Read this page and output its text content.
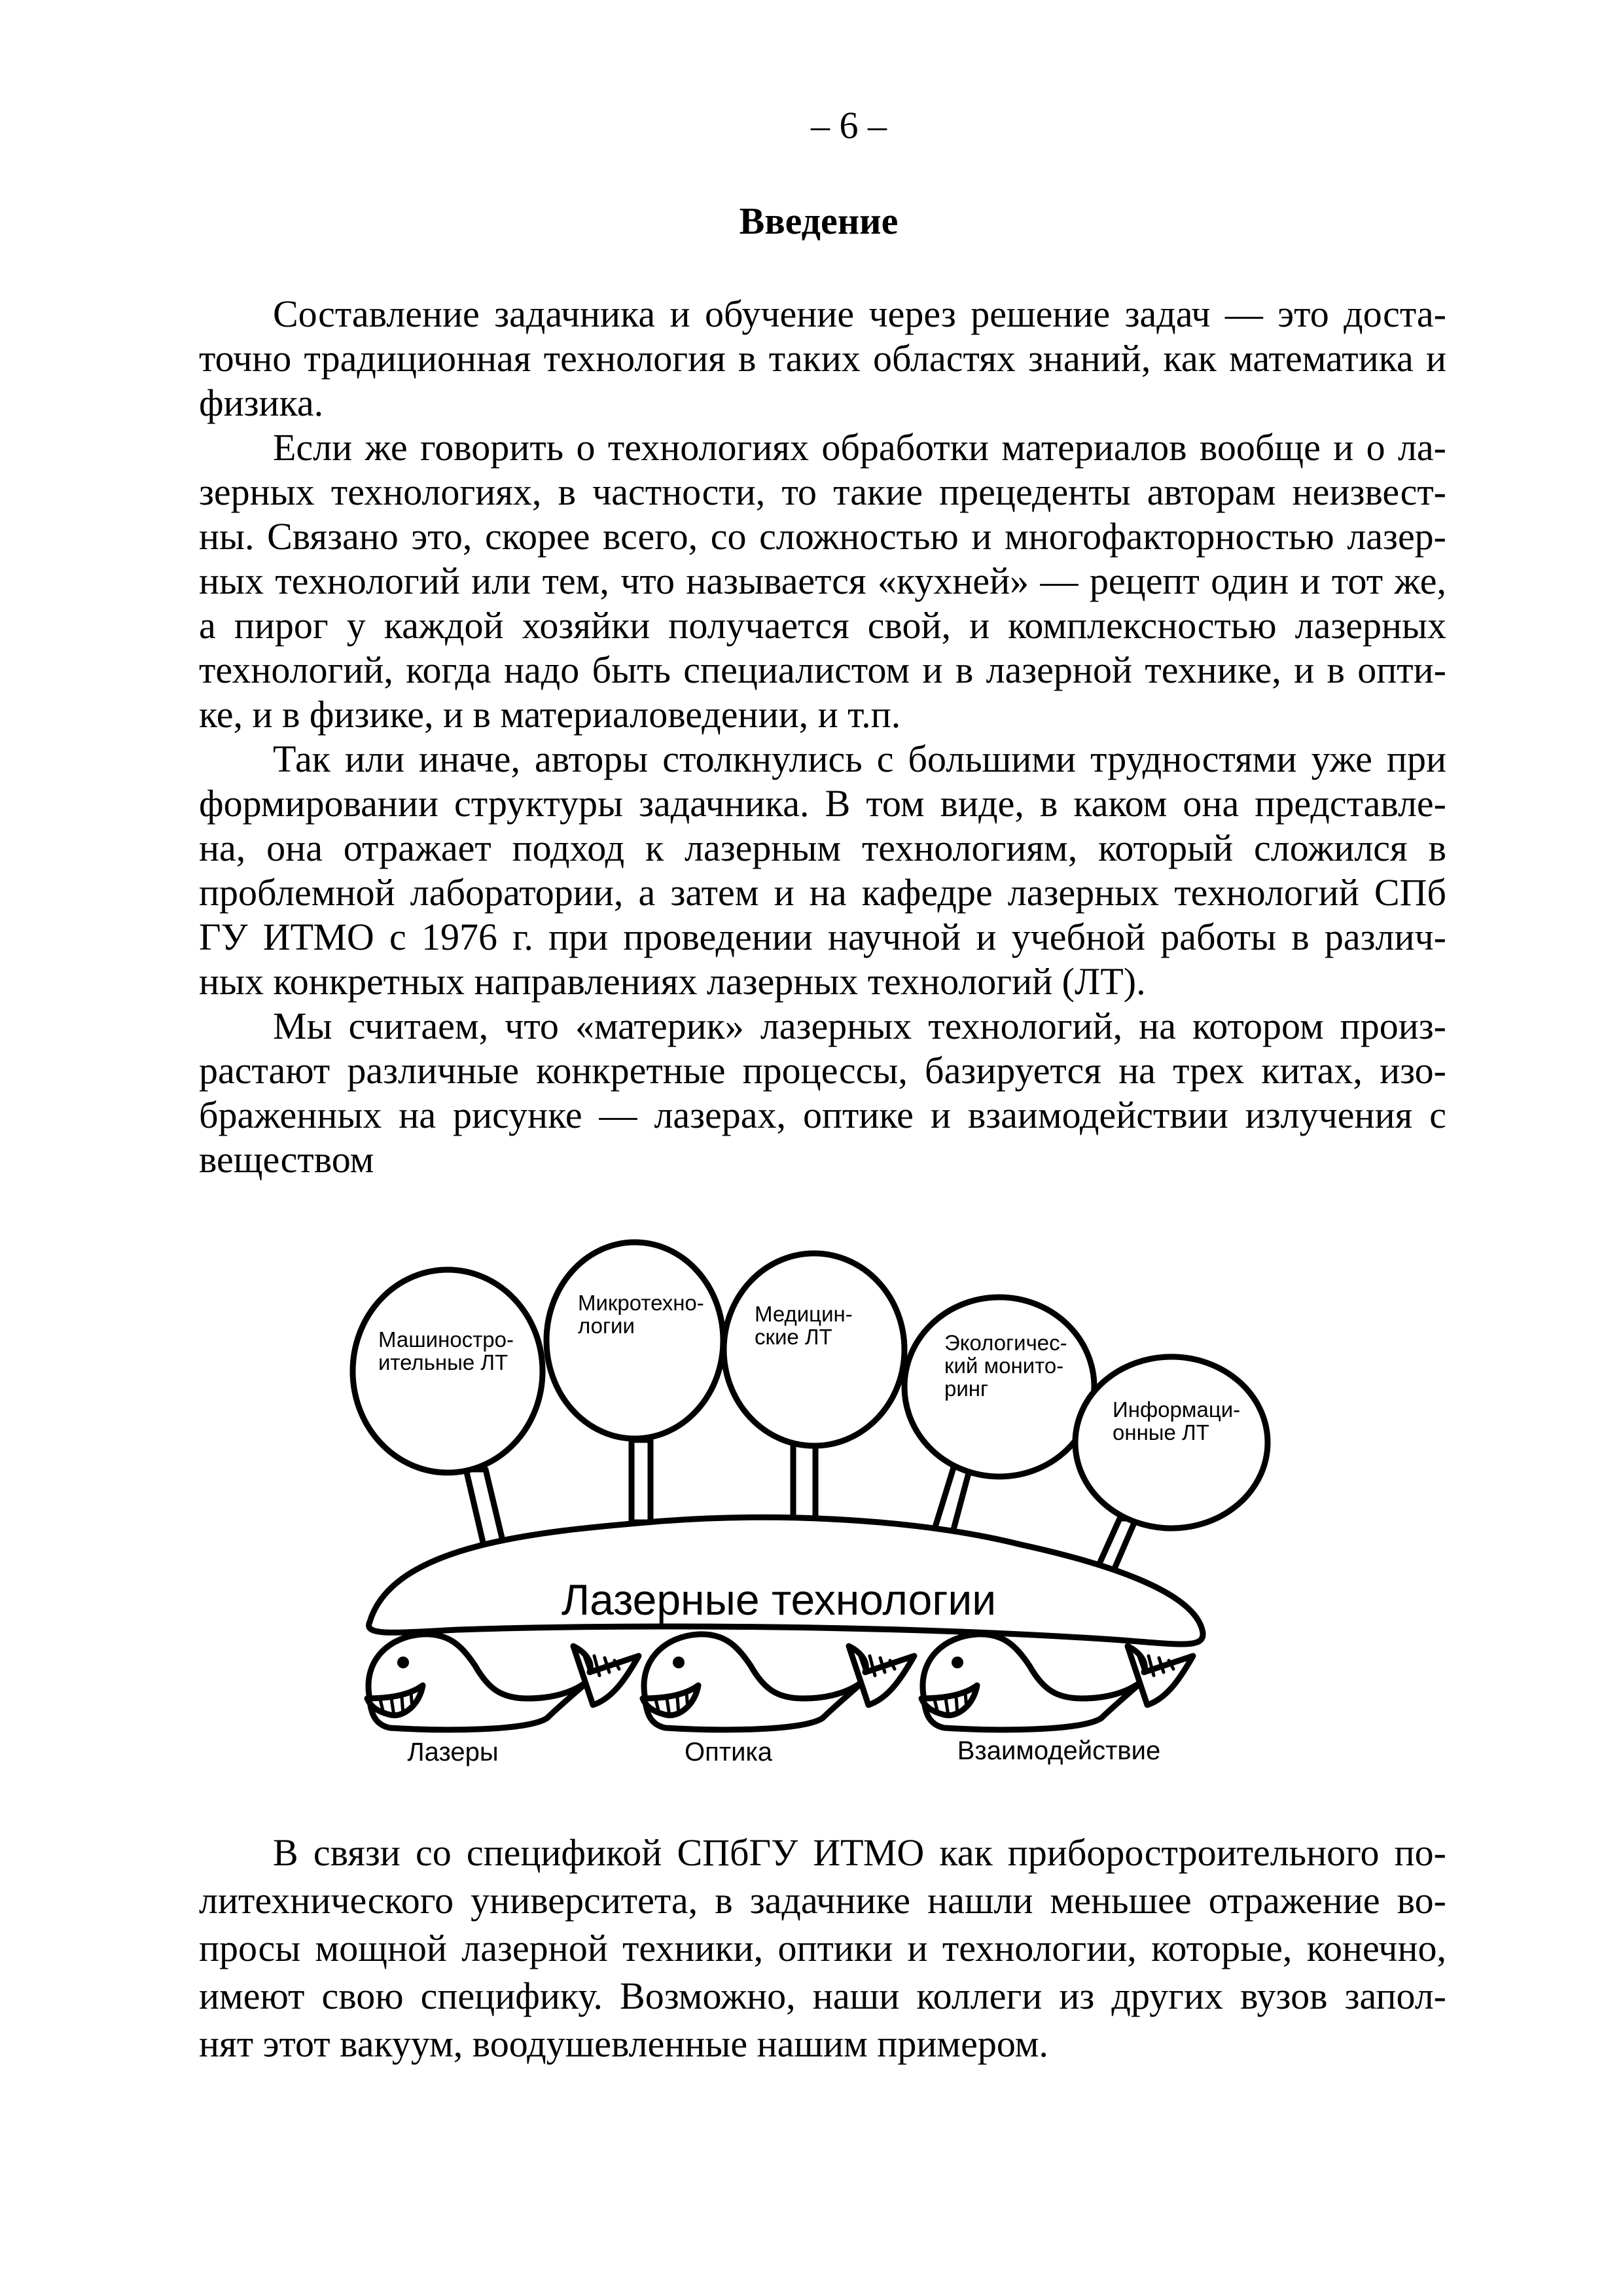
– 6 –
Введение
Составление задачника и обучение через решение задач — это доста-
точно традиционная технология в таких областях знаний, как математика и
физика.
Если же говорить о технологиях обработки материалов вообще и о ла-
зерных технологиях, в частности, то такие прецеденты авторам неизвест-
ны. Связано это, скорее всего, со сложностью и многофакторностью лазер-
ных технологий или тем, что называется «кухней» — рецепт один и тот же,
а пирог у каждой хозяйки получается свой, и комплексностью лазерных
технологий, когда надо быть специалистом и в лазерной технике, и в опти-
ке, и в физике, и в материаловедении, и т.п.
Так или иначе, авторы столкнулись с большими трудностями уже при
формировании структуры задачника. В том виде, в каком она представле-
на, она отражает подход к лазерным технологиям, который сложился в
проблемной лаборатории, а затем и на кафедре лазерных технологий СПб
ГУ ИТМО с 1976 г. при проведении научной и учебной работы в различ-
ных конкретных направлениях лазерных технологий (ЛТ).
Мы считаем, что «материк» лазерных технологий, на котором произ-
растают различные конкретные процессы, базируется на трех китах, изо-
браженных на рисунке — лазерах, оптике и взаимодействии излучения с
веществом
Машиностро-
ительные ЛТ
Микротехно-
логии	Медицин-
ские ЛТ	Экологичес-
кий монито-
ринг
Информаци-
онные ЛТ
Лазерные технологии
Лазеры	Оптика	Взаимодействие
В связи со спецификой СПбГУ ИТМО как приборостроительного по-
литехнического университета, в задачнике нашли меньшее отражение во-
просы мощной лазерной техники, оптики и технологии, которые, конечно,
имеют свою специфику. Возможно, наши коллеги из других вузов запол-
нят этот вакуум, воодушевленные нашим примером.
